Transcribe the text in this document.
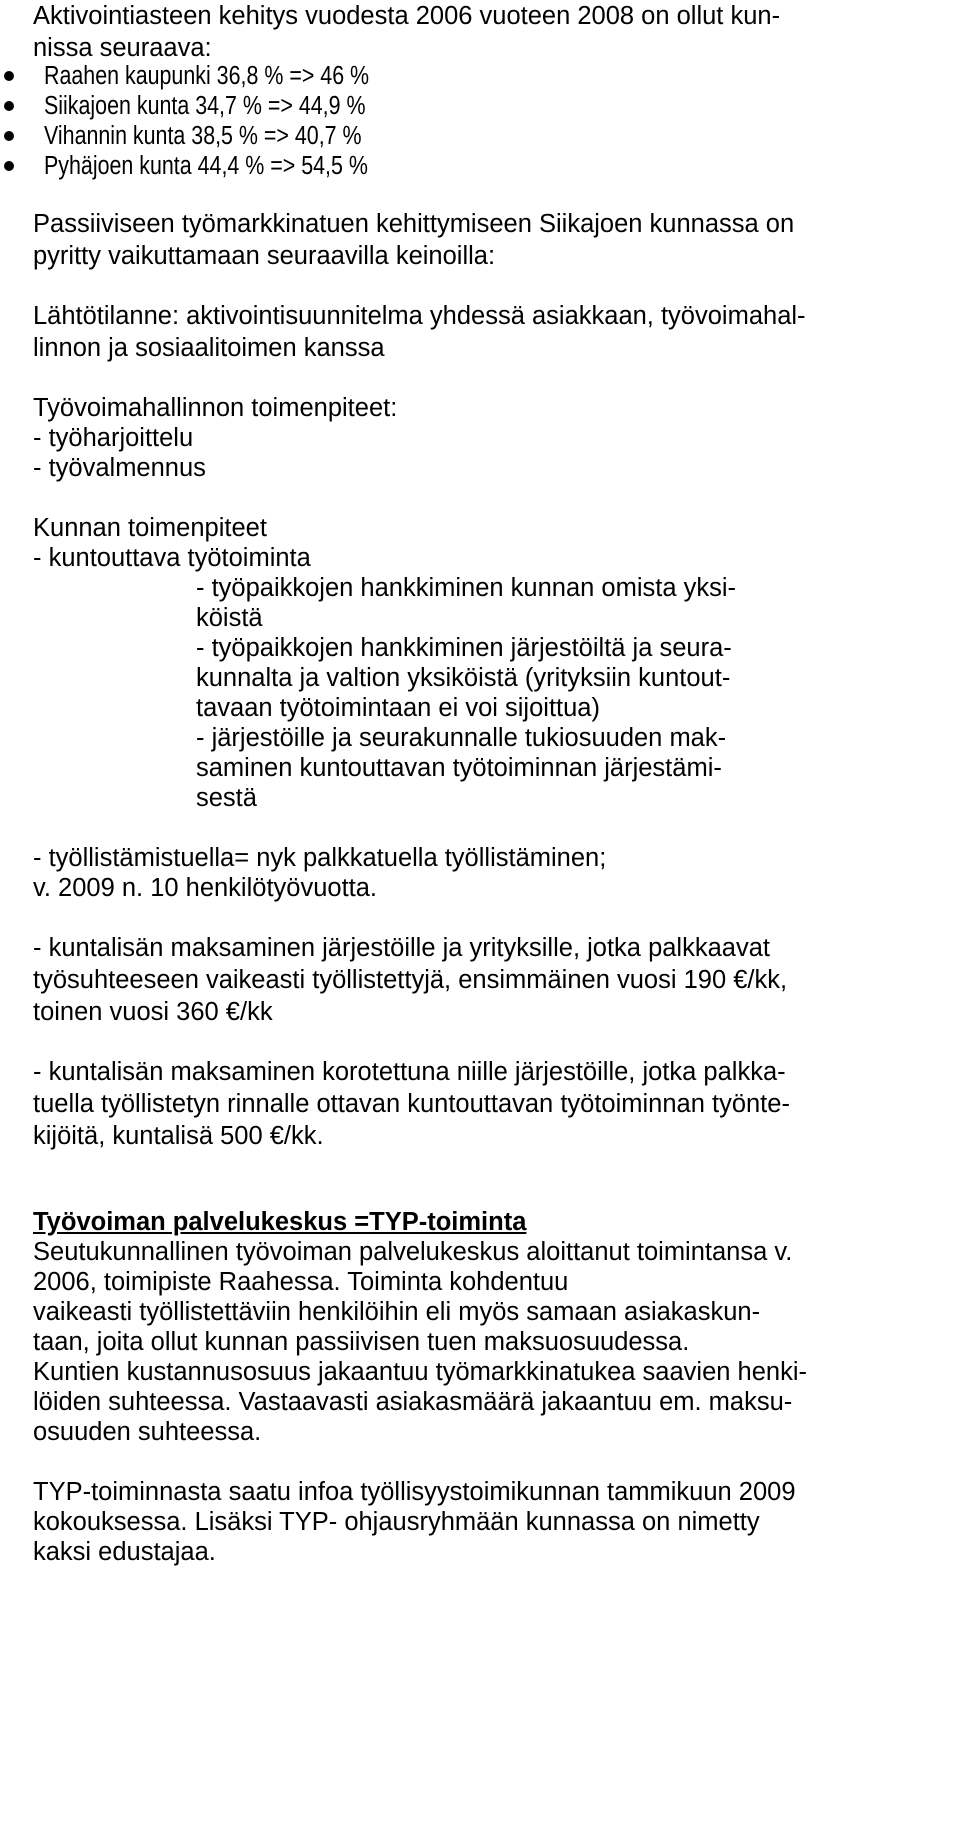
Aktivointiasteen kehitys vuodesta 2006 vuoteen 2008 on ollut kun-

nissa seuraava:

Raahen kaupunki 36,8 % => 46 %

Siikajoen kunta 34,7 % => 44,9 %

Vihannin kunta 38,5 % => 40,7 %

Pyhäjoen kunta 44,4 % => 54,5 %

Passiiviseen työmarkkinatuen kehittymiseen Siikajoen kunnassa on

pyritty vaikuttamaan seuraavilla keinoilla:

Lähtötilanne: aktivointisuunnitelma yhdessä asiakkaan, työvoimahal-

linnon ja sosiaalitoimen kanssa

Työvoimahallinnon toimenpiteet:

- työharjoittelu

- työvalmennus

Kunnan toimenpiteet

- kuntouttava työtoiminta

- työpaikkojen hankkiminen kunnan omista yksi-

köistä

- työpaikkojen hankkiminen järjestöiltä ja seura-

kunnalta ja valtion yksiköistä (yrityksiin kuntout-

tavaan työtoimintaan ei voi sijoittua)

- järjestöille ja seurakunnalle tukiosuuden mak-

saminen kuntouttavan työtoiminnan järjestämi-

sestä

- työllistämistuella= nyk palkkatuella työllistäminen;

v. 2009 n. 10 henkilötyövuotta.

- kuntalisän maksaminen järjestöille ja yrityksille, jotka palkkaavat

työsuhteeseen vaikeasti työllistettyjä, ensimmäinen vuosi 190 €/kk,

toinen vuosi 360 €/kk

- kuntalisän maksaminen korotettuna niille järjestöille, jotka palkka-

tuella työllistetyn rinnalle ottavan kuntouttavan työtoiminnan työnte-

kijöitä, kuntalisä 500 €/kk.

Työvoiman palvelukeskus =TYP-toiminta

Seutukunnallinen työvoiman palvelukeskus aloittanut toimintansa v.

2006, toimipiste Raahessa. Toiminta kohdentuu

vaikeasti työllistettäviin henkilöihin eli myös samaan asiakaskun-

taan, joita ollut kunnan passiivisen tuen maksuosuudessa.

Kuntien kustannusosuus jakaantuu työmarkkinatukea saavien henki-

löiden suhteessa. Vastaavasti asiakasmäärä jakaantuu em. maksu-

osuuden suhteessa.

TYP-toiminnasta saatu infoa työllisyystoimikunnan tammikuun 2009

kokouksessa. Lisäksi TYP- ohjausryhmään kunnassa on nimetty

kaksi edustajaa.
